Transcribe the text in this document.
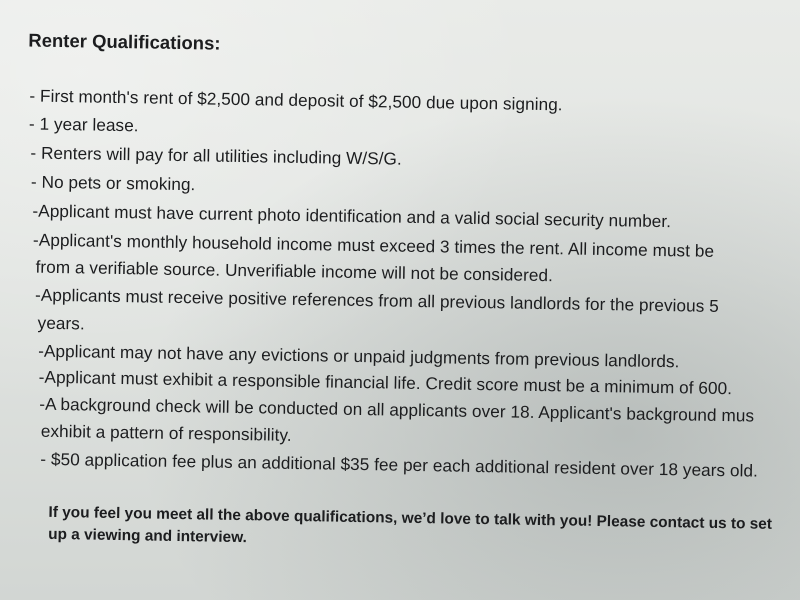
Renter Qualifications:

- First month's rent of $2,500 and deposit of $2,500 due upon signing.

- 1 year lease.

- Renters will pay for all utilities including W/S/G.

- No pets or smoking.

-Applicant must have current photo identification and a valid social security number.

-Applicant's monthly household income must exceed 3 times the rent. All income must be

from a verifiable source. Unverifiable income will not be considered.

-Applicants must receive positive references from all previous landlords for the previous 5

years.

-Applicant may not have any evictions or unpaid judgments from previous landlords.

-Applicant must exhibit a responsible financial life. Credit score must be a minimum of 600.

-A background check will be conducted on all applicants over 18. Applicant's background mus

exhibit a pattern of responsibility.

- $50 application fee plus an additional $35 fee per each additional resident over 18 years old.

If you feel you meet all the above qualifications, we’d love to talk with you! Please contact us to set up a viewing and interview.
